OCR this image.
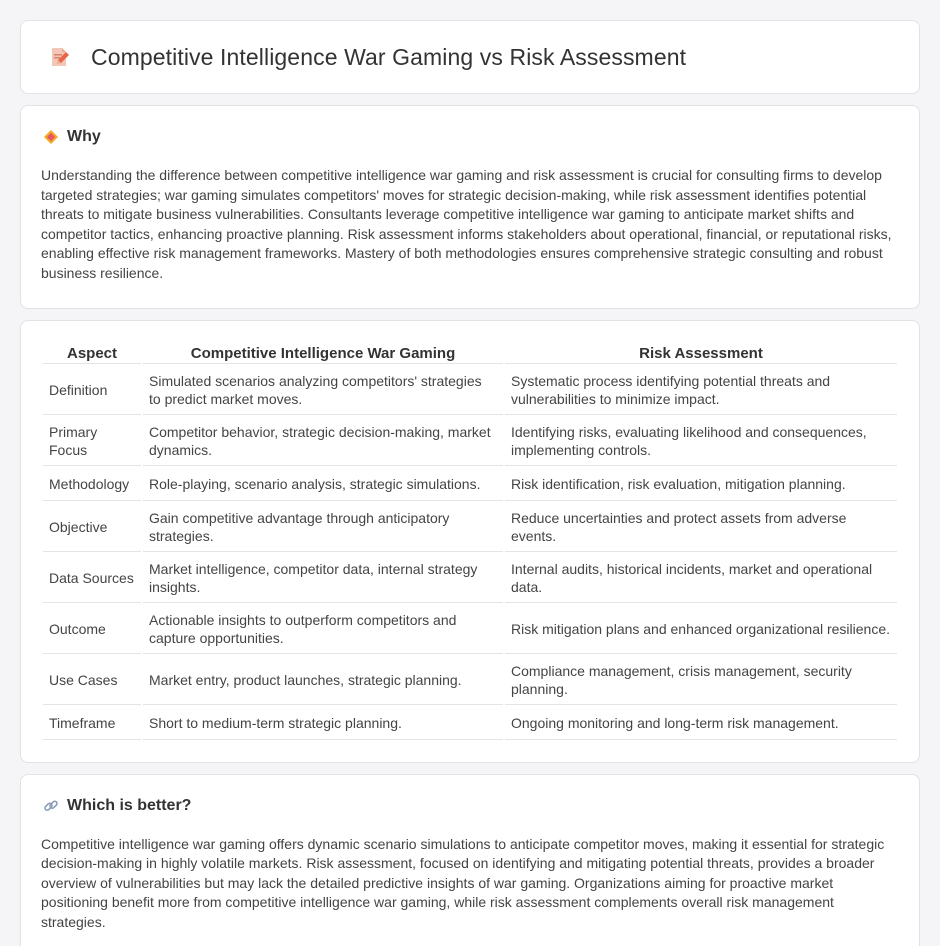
Competitive Intelligence War Gaming vs Risk Assessment
Why

Understanding the difference between competitive intelligence war gaming and risk assessment is crucial for consulting firms to develop targeted strategies; war gaming simulates competitors' moves for strategic decision-making, while risk assessment identifies potential threats to mitigate business vulnerabilities. Consultants leverage competitive intelligence war gaming to anticipate market shifts and competitor tactics, enhancing proactive planning. Risk assessment informs stakeholders about operational, financial, or reputational risks, enabling effective risk management frameworks. Mastery of both methodologies ensures comprehensive strategic consulting and robust business resilience.

Aspect	Competitive Intelligence War Gaming	Risk Assessment
Definition	Simulated scenarios analyzing competitors' strategies to predict market moves.	Systematic process identifying potential threats and vulnerabilities to minimize impact.
Primary Focus	Competitor behavior, strategic decision-making, market dynamics.	Identifying risks, evaluating likelihood and consequences, implementing controls.
Methodology	Role-playing, scenario analysis, strategic simulations.	Risk identification, risk evaluation, mitigation planning.
Objective	Gain competitive advantage through anticipatory strategies.	Reduce uncertainties and protect assets from adverse events.
Data Sources	Market intelligence, competitor data, internal strategy insights.	Internal audits, historical incidents, market and operational data.
Outcome	Actionable insights to outperform competitors and capture opportunities.	Risk mitigation plans and enhanced organizational resilience.
Use Cases	Market entry, product launches, strategic planning.	Compliance management, crisis management, security planning.
Timeframe	Short to medium-term strategic planning.	Ongoing monitoring and long-term risk management.
Which is better?

Competitive intelligence war gaming offers dynamic scenario simulations to anticipate competitor moves, making it essential for strategic decision-making in highly volatile markets. Risk assessment, focused on identifying and mitigating potential threats, provides a broader overview of vulnerabilities but may lack the detailed predictive insights of war gaming. Organizations aiming for proactive market positioning benefit more from competitive intelligence war gaming, while risk assessment complements overall risk management strategies.
